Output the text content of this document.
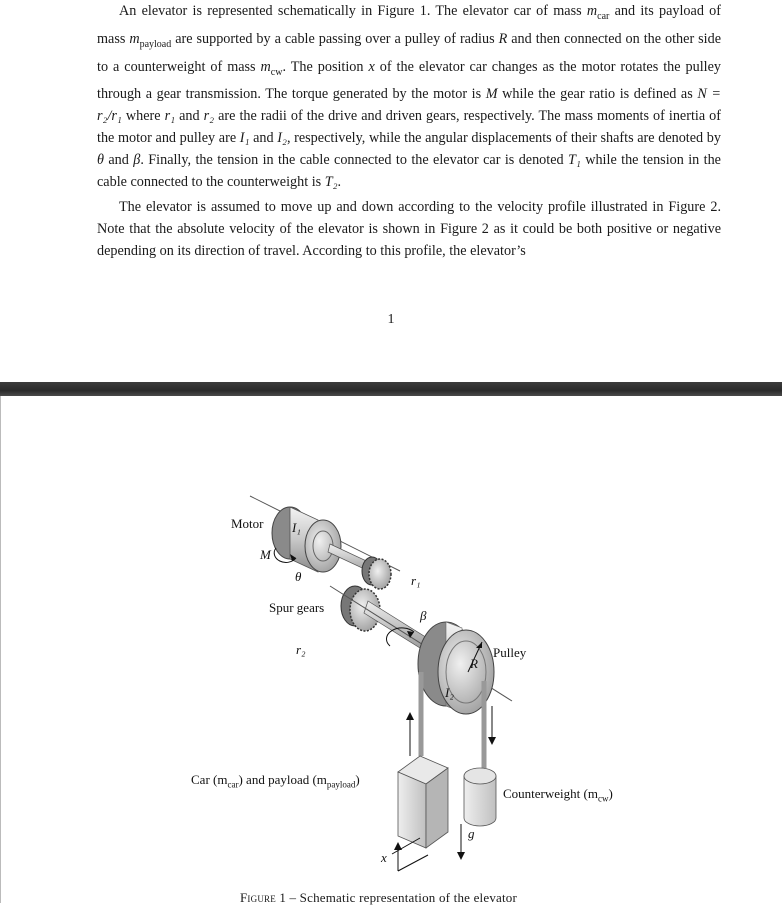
An elevator is represented schematically in Figure 1. The elevator car of mass $m_{car}$ and its payload of mass $m_{payload}$ are supported by a cable passing over a pulley of radius R and then connected on the other side to a counterweight of mass $m_{cw}$. The position x of the elevator car changes as the motor rotates the pulley through a gear transmission. The torque generated by the motor is M while the gear ratio is defined as N = r₂/r₁ where r₁ and r₂ are the radii of the drive and driven gears, respectively. The mass moments of inertia of the motor and pulley are I₁ and I₂, respectively, while the angular displacements of their shafts are denoted by θ and β. Finally, the tension in the cable connected to the elevator car is denoted T₁ while the tension in the cable connected to the counterweight is T₂.

The elevator is assumed to move up and down according to the velocity profile illustrated in Figure 2. Note that the absolute velocity of the elevator is shown in Figure 2 as it could be both positive or negative depending on its direction of travel. According to this profile, the elevator’s

1
Motor I₁
M
θ	r₁
Spur gears
β
r₂
R
Pulley
I₂
Car $(m_{car})$ and payload $(m_{payload})$
Counterweight $(m_{cw})$
g
x
Figure 1 – Schematic representation of the elevator
